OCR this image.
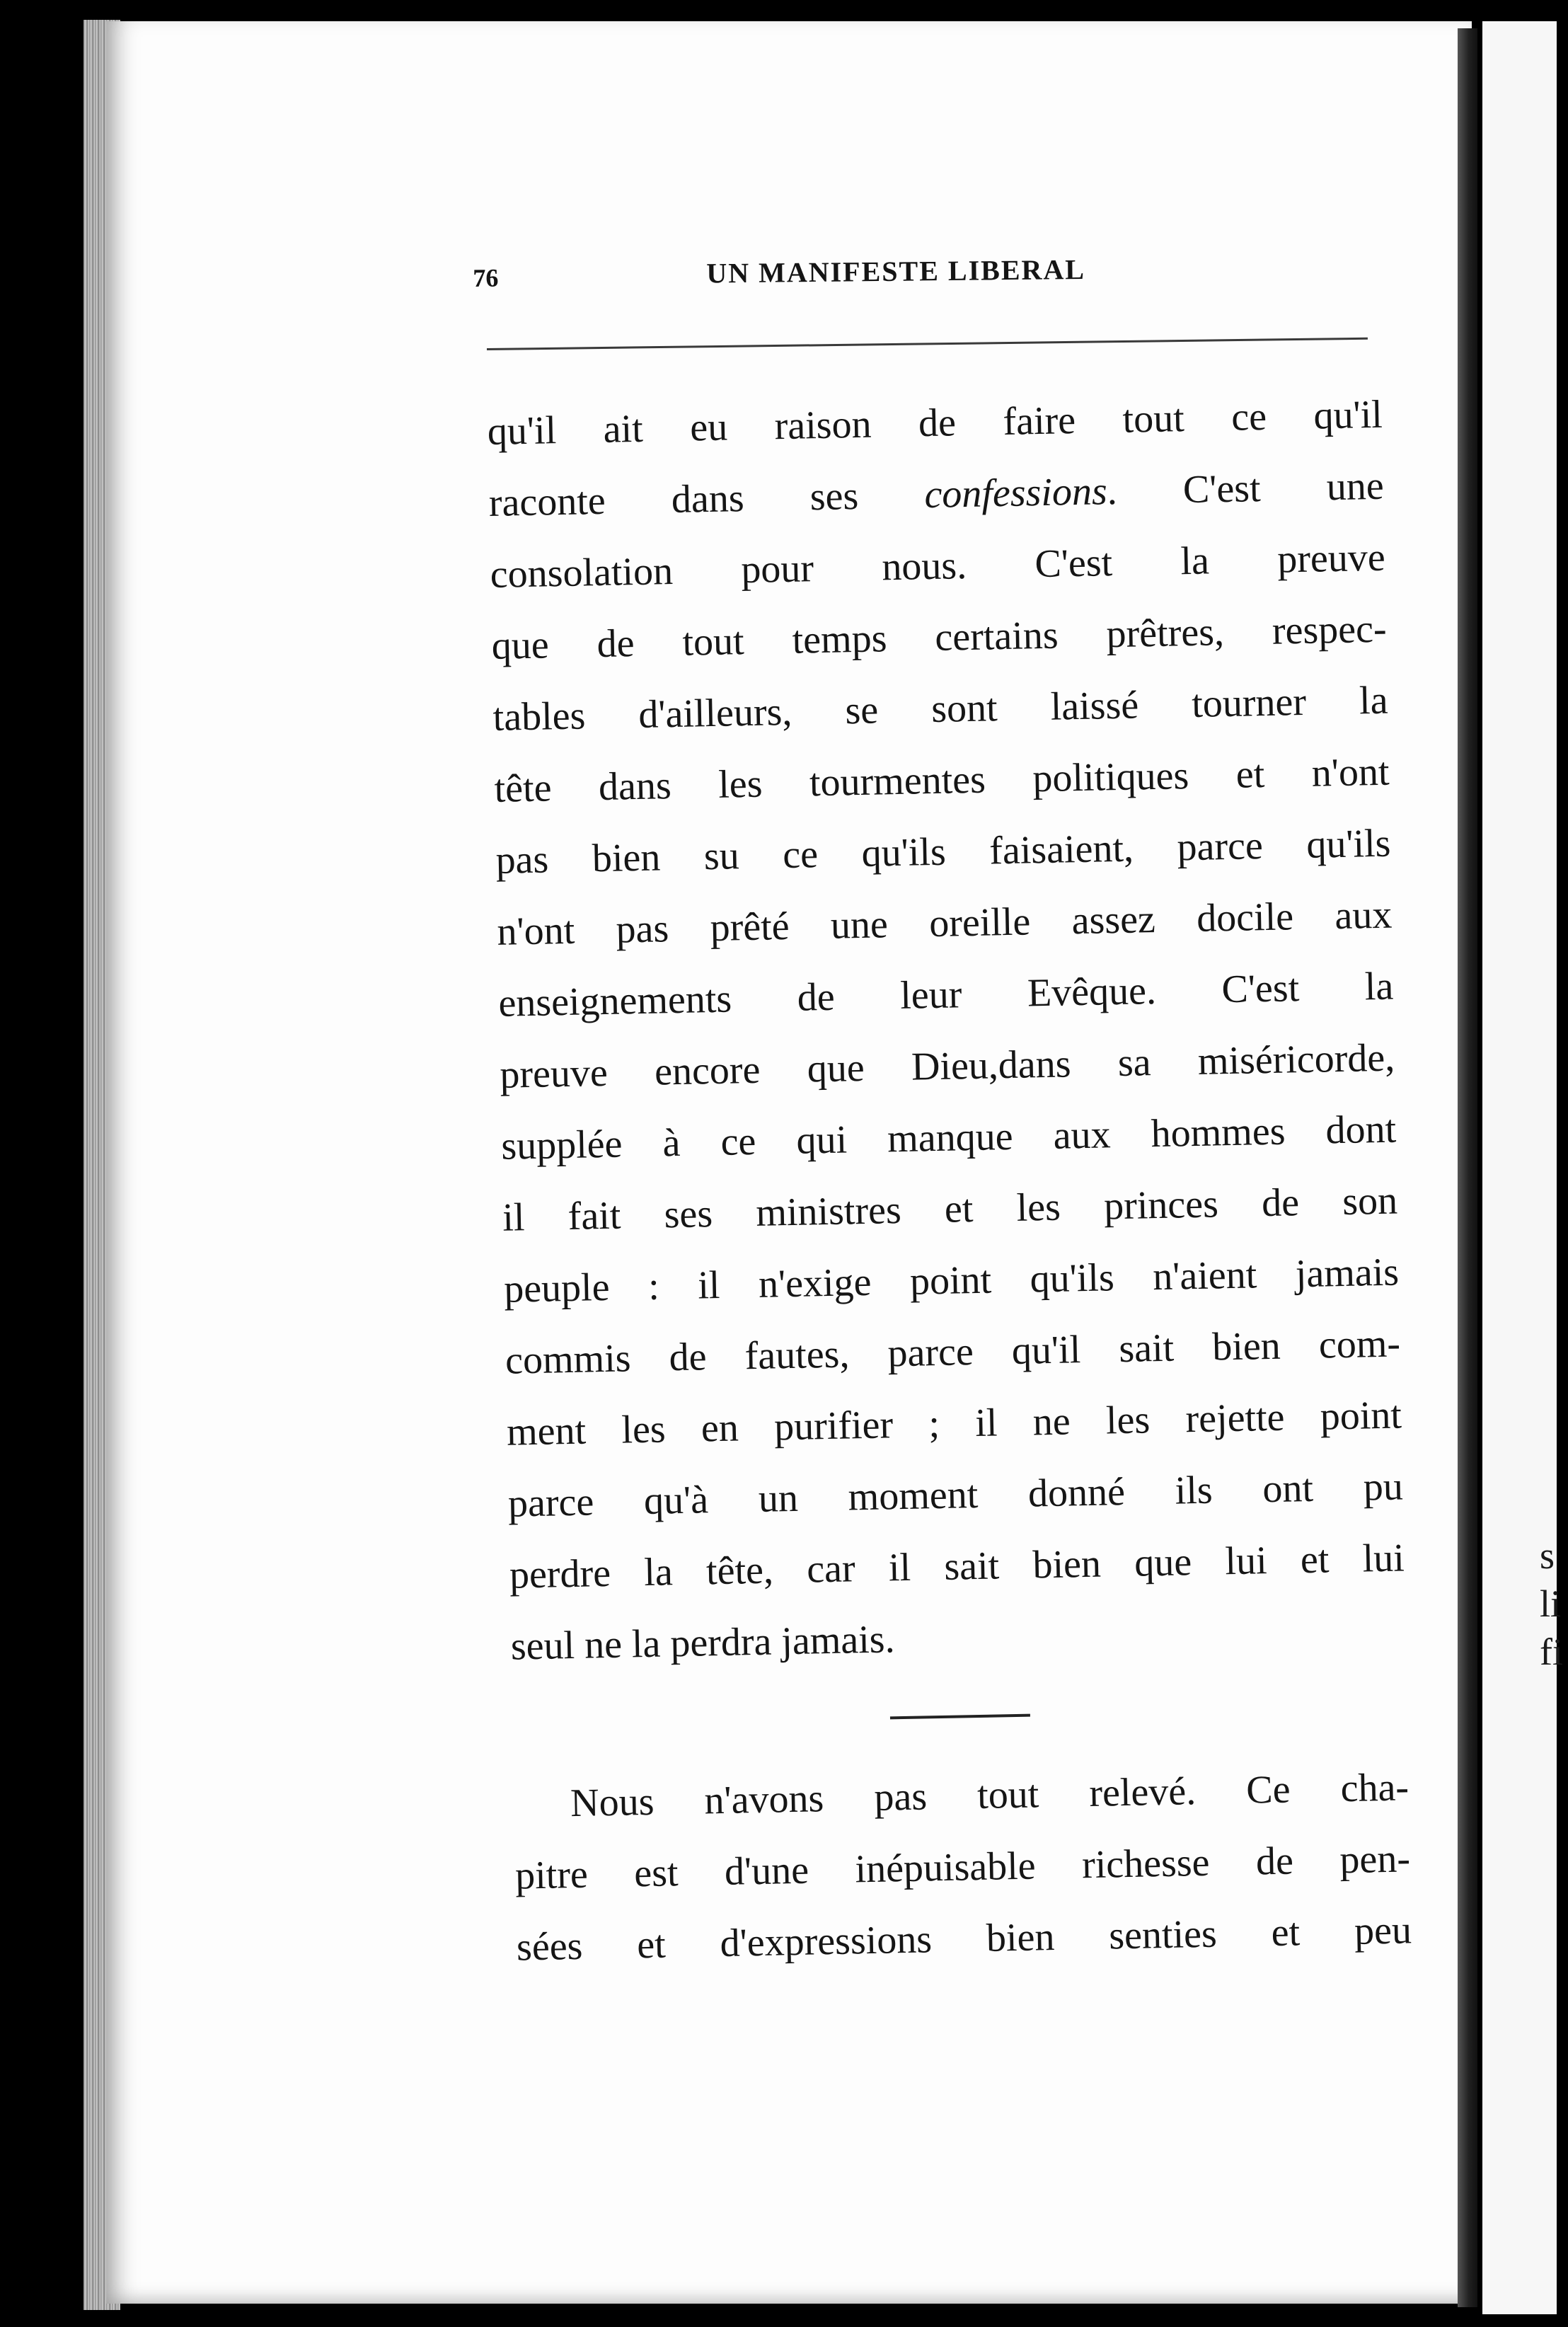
s
li
fi
76	UN MANIFESTE LIBERAL
qu'il ait eu raison de faire tout ce qu'il
raconte dans ses confessions. C'est une
consolation pour nous. C'est la preuve
que de tout temps certains prêtres, respec-
tables d'ailleurs, se sont laissé tourner la
tête dans les tourmentes politiques et n'ont
pas bien su ce qu'ils faisaient, parce qu'ils
n'ont pas prêté une oreille assez docile aux
enseignements de leur Evêque. C'est la
preuve encore que Dieu,dans sa miséricorde,
supplée à ce qui manque aux hommes dont
il fait ses ministres et les princes de son
peuple : il n'exige point qu'ils n'aient jamais
commis de fautes, parce qu'il sait bien com-
ment les en purifier ; il ne les rejette point
parce qu'à un moment donné ils ont pu
perdre la tête, car il sait bien que lui et lui
seul ne la perdra jamais.
Nous n'avons pas tout relevé. Ce cha-
pitre est d'une inépuisable richesse de pen-
sées et d'expressions bien senties et peu
